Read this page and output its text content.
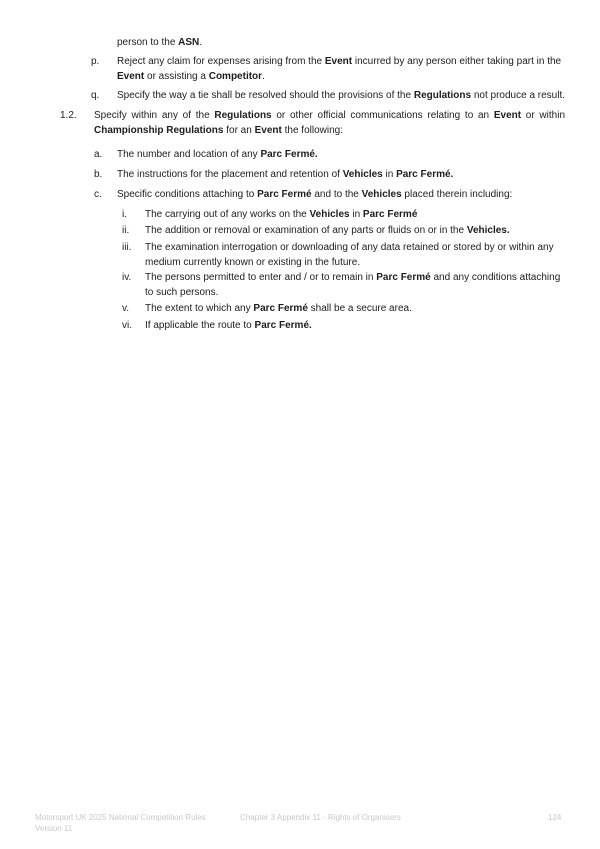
person to the ASN.

p. Reject any claim for expenses arising from the Event incurred by any person either taking part in the Event or assisting a Competitor.

q. Specify the way a tie shall be resolved should the provisions of the Regulations not produce a result.

1.2. Specify within any of the Regulations or other official communications relating to an Event or within Championship Regulations for an Event the following:

a. The number and location of any Parc Fermé.

b. The instructions for the placement and retention of Vehicles in Parc Fermé.

c. Specific conditions attaching to Parc Fermé and to the Vehicles placed therein including:

i. The carrying out of any works on the Vehicles in Parc Fermé

ii. The addition or removal or examination of any parts or fluids on or in the Vehicles.

iii. The examination interrogation or downloading of any data retained or stored by or within any medium currently known or existing in the future.

iv. The persons permitted to enter and / or to remain in Parc Fermé and any conditions attaching to such persons.

v. The extent to which any Parc Fermé shall be a secure area.

vi. If applicable the route to Parc Fermé.

Motorsport UK 2025 National Competition Rules
Version 11
Chapter 3 Appendix 11 - Rights of Organisers	124
